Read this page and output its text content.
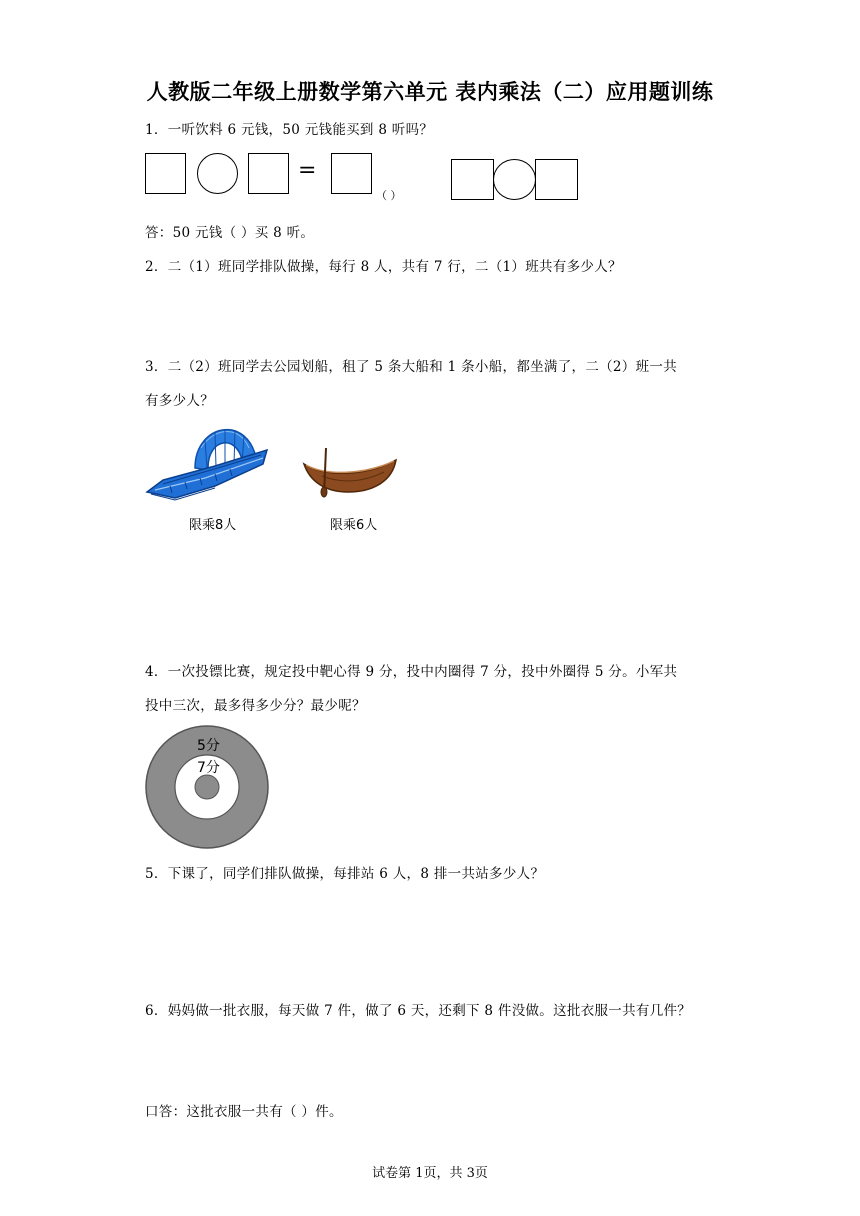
人教版二年级上册数学第六单元 表内乘法（二）应用题训练
1．一听饮料 6 元钱，50 元钱能买到 8 听吗？
=
（ ）
答：50 元钱（ ）买 8 听。
2．二（1）班同学排队做操，每行 8 人，共有 7 行，二（1）班共有多少人？
3．二（2）班同学去公园划船，租了 5 条大船和 1 条小船，都坐满了，二（2）班一共
有多少人？
限乘8人	限乘6人
4．一次投镖比赛，规定投中靶心得 9 分，投中内圈得 7 分，投中外圈得 5 分。小军共
投中三次，最多得多少分？最少呢？
5分
7分
5．下课了，同学们排队做操，每排站 6 人，8 排一共站多少人？
6．妈妈做一批衣服，每天做 7 件，做了 6 天，还剩下 8 件没做。这批衣服一共有几件？
口答：这批衣服一共有（ ）件。
试卷第 1页，共 3页
